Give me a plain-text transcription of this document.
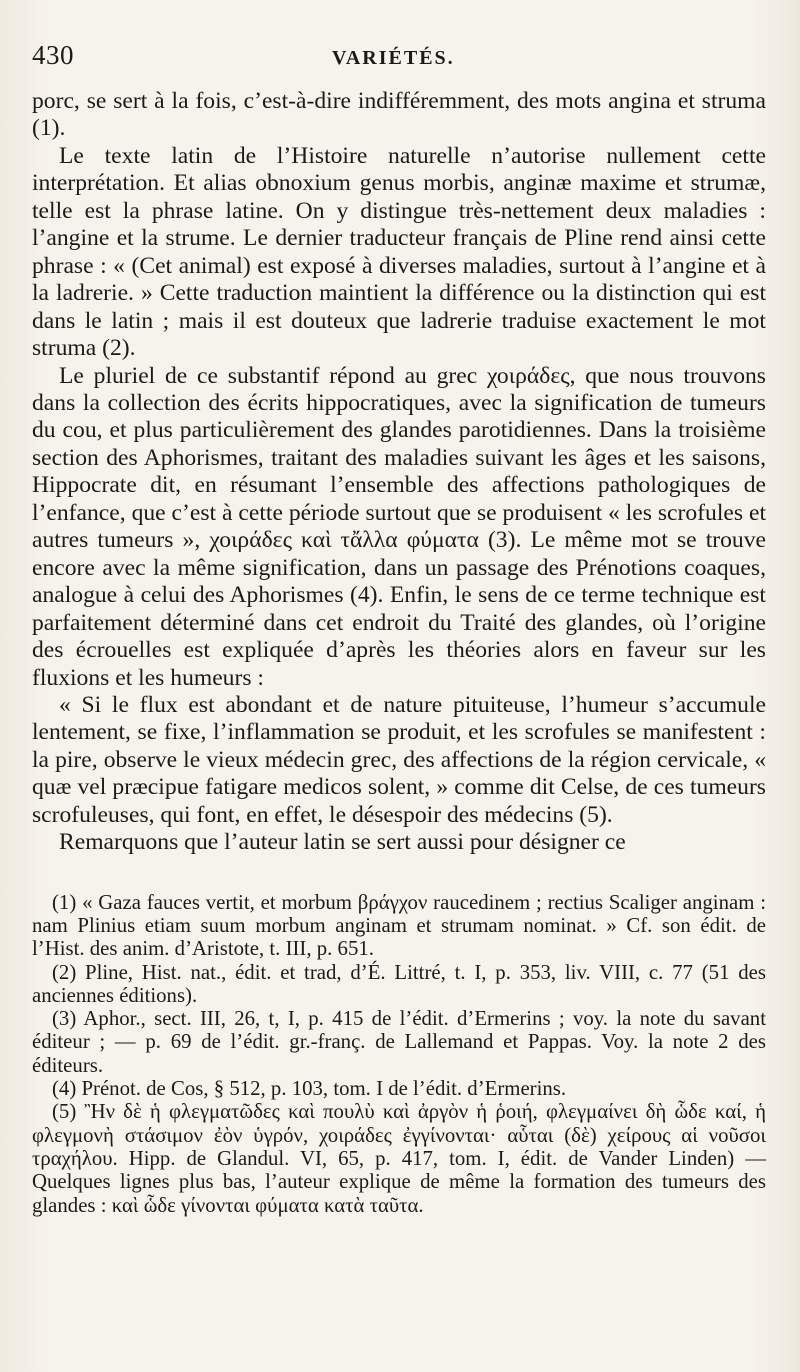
430	VARIÉTÉS.

porc, se sert à la fois, c’est-à-dire indifféremment, des mots angina et struma (1).

Le texte latin de l’Histoire naturelle n’autorise nullement cette interprétation. Et alias obnoxium genus morbis, anginæ maxime et strumæ, telle est la phrase latine. On y distingue très-nettement deux maladies : l’angine et la strume. Le dernier traducteur français de Pline rend ainsi cette phrase : « (Cet animal) est exposé à diverses maladies, surtout à l’angine et à la ladrerie. » Cette traduction maintient la différence ou la distinction qui est dans le latin ; mais il est douteux que ladrerie traduise exactement le mot struma (2).

Le pluriel de ce substantif répond au grec χοιράδες, que nous trouvons dans la collection des écrits hippocratiques, avec la signification de tumeurs du cou, et plus particulièrement des glandes parotidiennes. Dans la troisième section des Aphorismes, traitant des maladies suivant les âges et les saisons, Hippocrate dit, en résumant l’ensemble des affections pathologiques de l’enfance, que c’est à cette période surtout que se produisent « les scrofules et autres tumeurs », χοιράδες καὶ τἄλλα φύματα (3). Le même mot se trouve encore avec la même signification, dans un passage des Prénotions coaques, analogue à celui des Aphorismes (4). Enfin, le sens de ce terme technique est parfaitement déterminé dans cet endroit du Traité des glandes, où l’origine des écrouelles est expliquée d’après les théories alors en faveur sur les fluxions et les humeurs :

« Si le flux est abondant et de nature pituiteuse, l’humeur s’accumule lentement, se fixe, l’inflammation se produit, et les scrofules se manifestent : la pire, observe le vieux médecin grec, des affections de la région cervicale, « quæ vel præcipue fatigare medicos solent, » comme dit Celse, de ces tumeurs scrofuleuses, qui font, en effet, le désespoir des médecins (5).

Remarquons que l’auteur latin se sert aussi pour désigner ce

(1) « Gaza fauces vertit, et morbum βράγχον raucedinem ; rectius Scaliger anginam : nam Plinius etiam suum morbum anginam et strumam nominat. » Cf. son édit. de l’Hist. des anim. d’Aristote, t. III, p. 651.

(2) Pline, Hist. nat., édit. et trad, d’É. Littré, t. I, p. 353, liv. VIII, c. 77 (51 des anciennes éditions).

(3) Aphor., sect. III, 26, t, I, p. 415 de l’édit. d’Ermerins ; voy. la note du savant éditeur ; — p. 69 de l’édit. gr.-franç. de Lallemand et Pappas. Voy. la note 2 des éditeurs.

(4) Prénot. de Cos, § 512, p. 103, tom. I de l’édit. d’Ermerins.

(5) Ἢν δὲ ἡ φλεγματῶδες καὶ πουλὺ καὶ ἀργὸν ἡ ῥοιή, φλεγμαίνει δὴ ὧδε καί, ἡ φλεγμονὴ στάσιμον ἐὸν ὑγρόν, χοιράδες ἐγγίνονται· αὗται (δὲ) χείρους αἱ νοῦσοι τραχήλου. Hipp. de Glandul. VI, 65, p. 417, tom. I, édit. de Vander Linden) — Quelques lignes plus bas, l’auteur explique de même la formation des tumeurs des glandes : καὶ ὧδε γίνονται φύματα κατὰ ταῦτα.
